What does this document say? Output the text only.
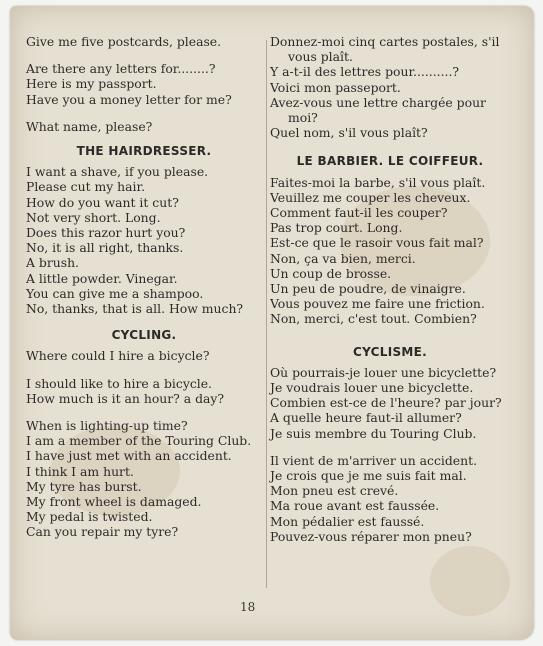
Give me five postcards, please.
Are there any letters for........?
Here is my passport.
Have you a money letter for me?
What name, please?
THE HAIRDRESSER.
I want a shave, if you please.
Please cut my hair.
How do you want it cut?
Not very short. Long.
Does this razor hurt you?
No, it is all right, thanks.
A brush.
A little powder. Vinegar.
You can give me a shampoo.
No, thanks, that is all. How much?
CYCLING.
Where could I hire a bicycle?
I should like to hire a bicycle.
How much is it an hour? a day?
When is lighting-up time?
I am a member of the Touring Club.
I have just met with an accident.
I think I am hurt.
My tyre has burst.
My front wheel is damaged.
My pedal is twisted.
Can you repair my tyre?
Donnez-moi cinq cartes postales, s'il vous plaît.
Y a-t-il des lettres pour..........?
Voici mon passeport.
Avez-vous une lettre chargée pour moi?
Quel nom, s'il vous plaît?
LE BARBIER. LE COIFFEUR.
Faites-moi la barbe, s'il vous plaît.
Veuillez me couper les cheveux.
Comment faut-il les couper?
Pas trop court. Long.
Est-ce que le rasoir vous fait mal?
Non, ça va bien, merci.
Un coup de brosse.
Un peu de poudre, de vinaigre.
Vous pouvez me faire une friction.
Non, merci, c'est tout. Combien?
CYCLISME.
Où pourrais-je louer une bicyclette?
Je voudrais louer une bicyclette.
Combien est-ce de l'heure? par jour?
A quelle heure faut-il allumer?
Je suis membre du Touring Club.
Il vient de m'arriver un accident.
Je crois que je me suis fait mal.
Mon pneu est crevé.
Ma roue avant est faussée.
Mon pédalier est faussé.
Pouvez-vous réparer mon pneu?
18
